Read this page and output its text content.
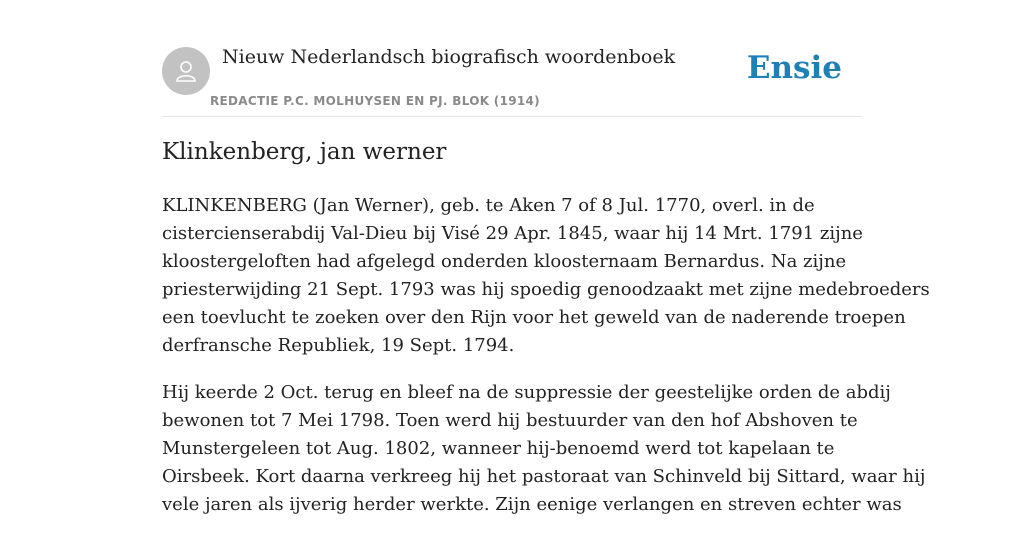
Nieuw Nederlandsch biografisch woordenboek
REDACTIE P.C. MOLHUYSEN EN PJ. BLOK (1914)
Ensie
Klinkenberg, jan werner

KLINKENBERG (Jan Werner), geb. te Aken 7 of 8 Jul. 1770, overl. in de
cistercienserabdij Val-Dieu bij Visé 29 Apr. 1845, waar hij 14 Mrt. 1791 zijne
kloostergeloften had afgelegd onderden kloosternaam Bernardus. Na zijne
priesterwijding 21 Sept. 1793 was hij spoedig genoodzaakt met zijne medebroeders
een toevlucht te zoeken over den Rijn voor het geweld van de naderende troepen
derfransche Republiek, 19 Sept. 1794.

Hij keerde 2 Oct. terug en bleef na de suppressie der geestelijke orden de abdij
bewonen tot 7 Mei 1798. Toen werd hij bestuurder van den hof Abshoven te
Munstergeleen tot Aug. 1802, wanneer hij-benoemd werd tot kapelaan te
Oirsbeek. Kort daarna verkreeg hij het pastoraat van Schinveld bij Sittard, waar hij
vele jaren als ijverig herder werkte. Zijn eenige verlangen en streven echter was
